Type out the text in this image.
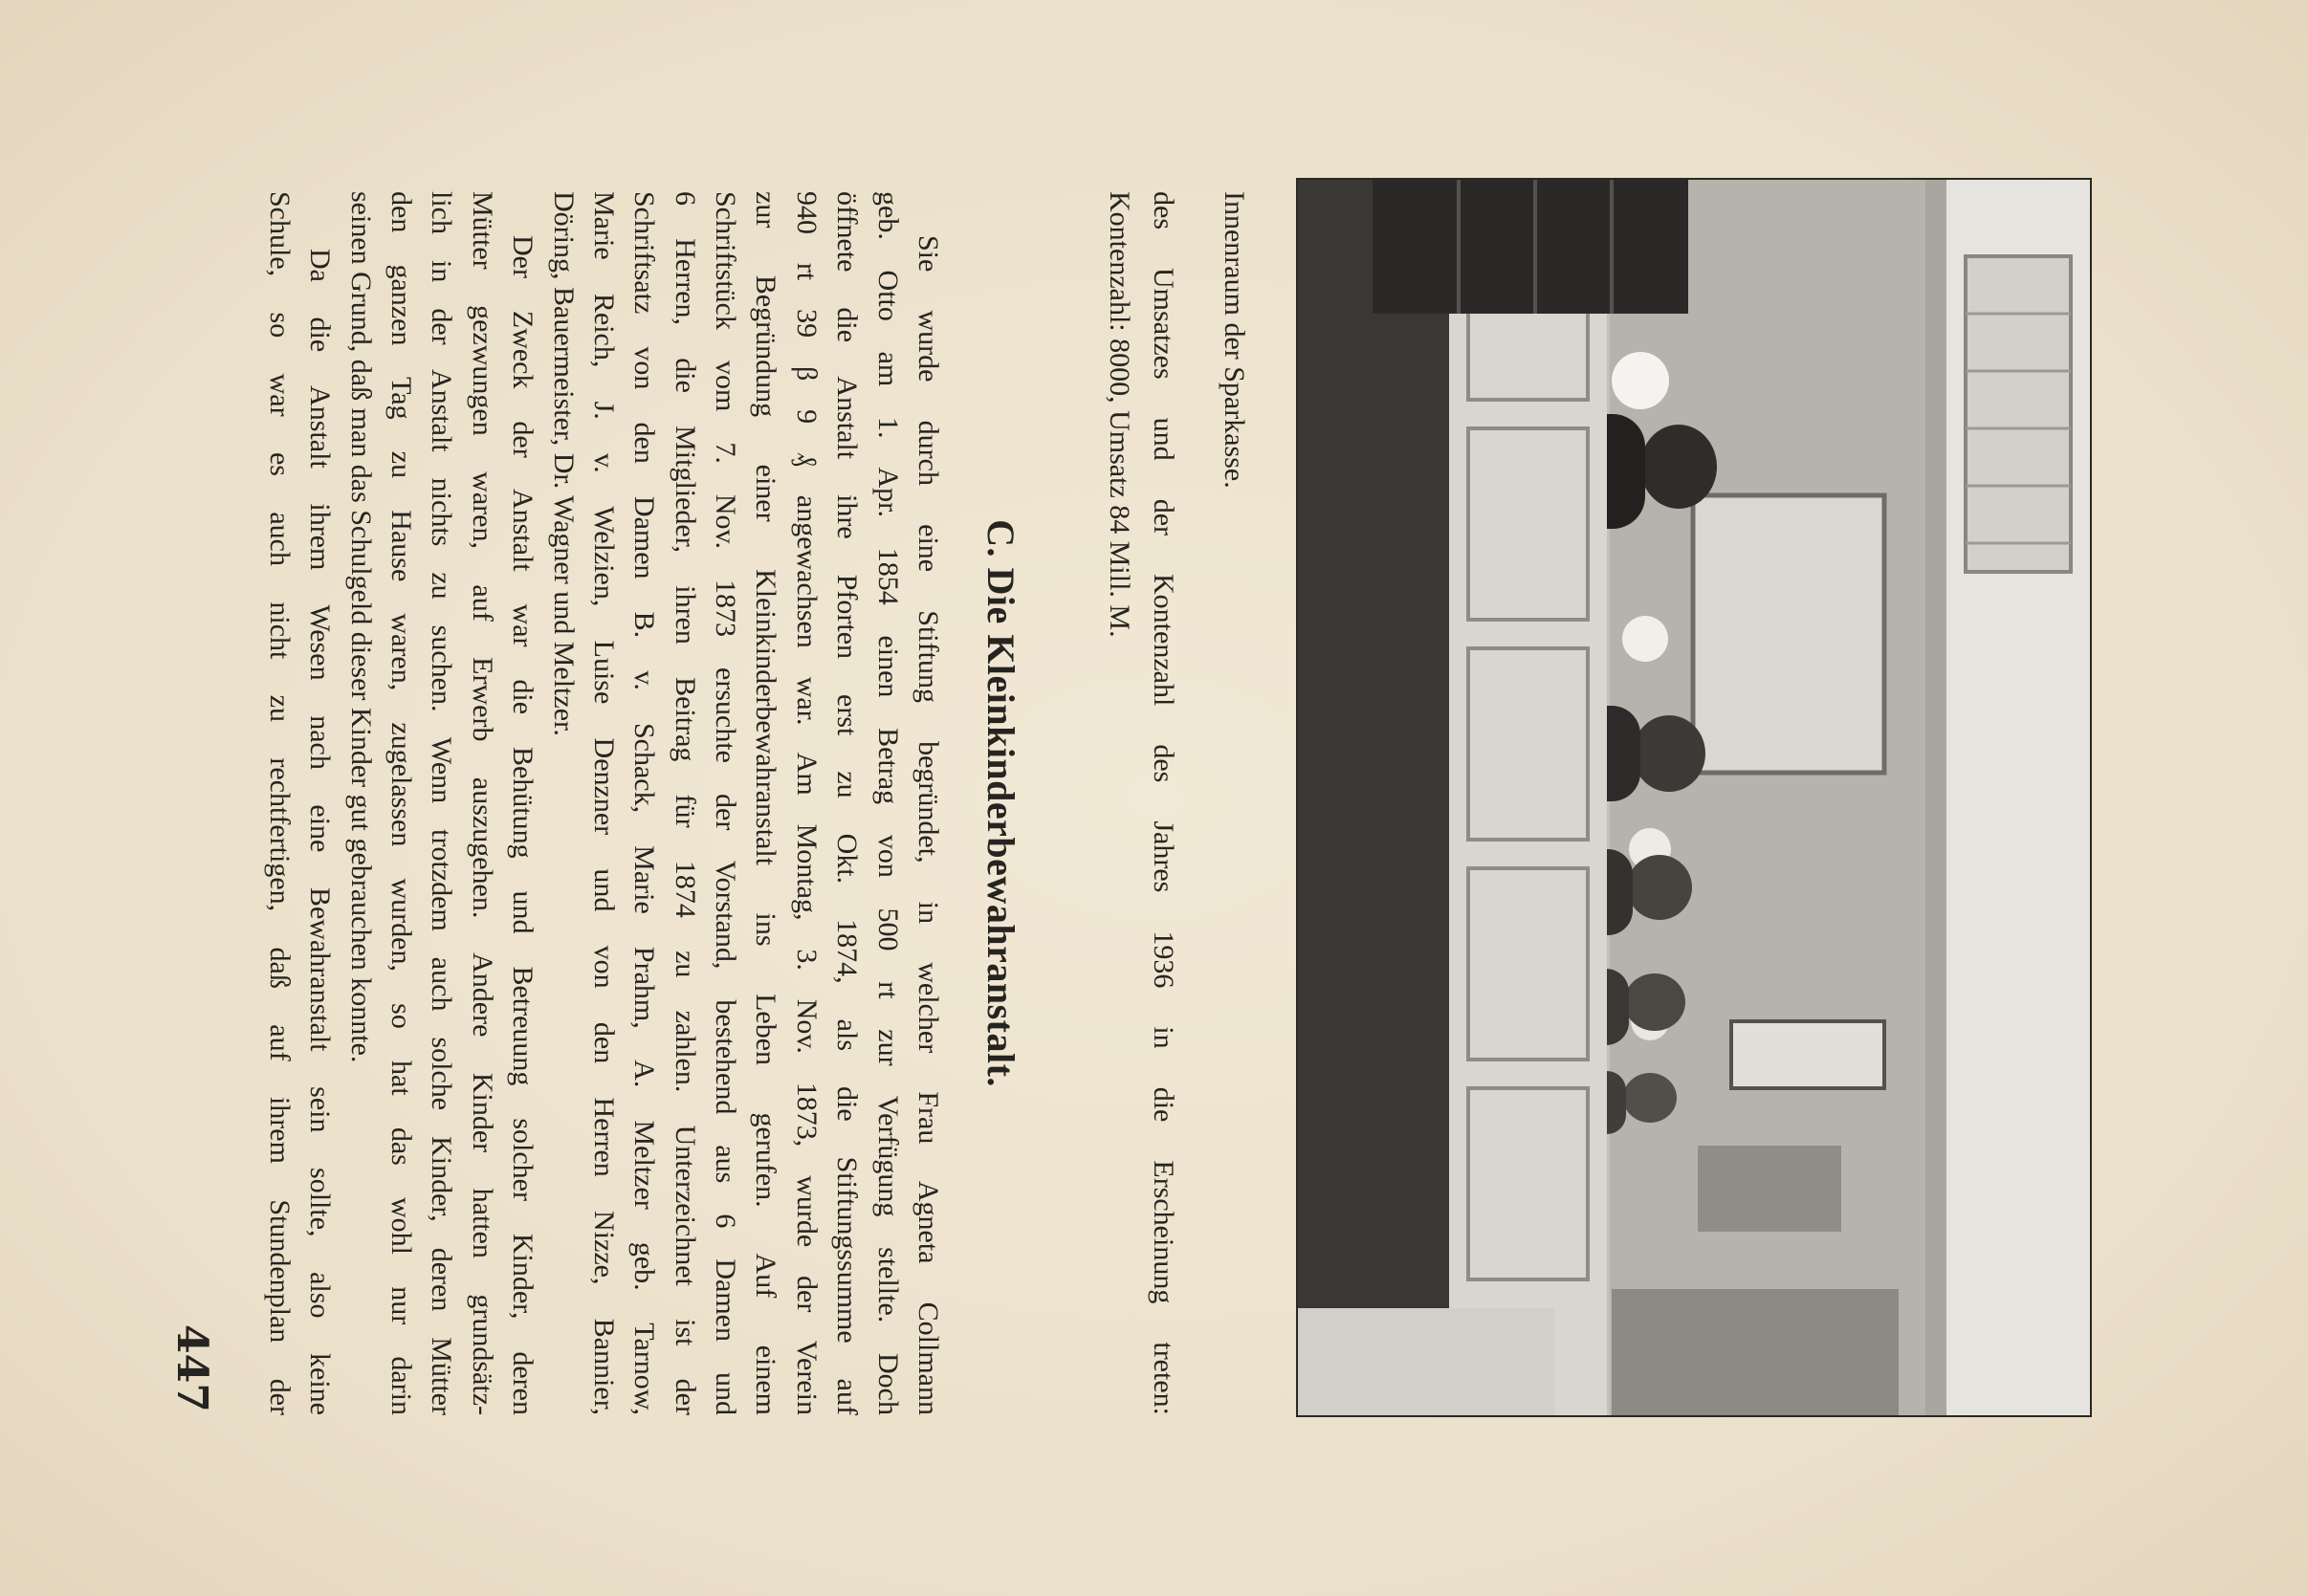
Innenraum der Sparkasse.
des Umsatzes und der Kontenzahl des Jahres 1936 in die Erscheinung treten:
Kontenzahl: 8000, Umsatz 84 Mill. M.
C. Die Kleinkinderbewahranstalt.
Sie wurde durch eine Stiftung begründet, in welcher Frau Agneta Collmann
geb. Otto am 1. Apr. 1854 einen Betrag von 500 rt zur Verfügung stellte. Doch
öffnete die Anstalt ihre Pforten erst zu Okt. 1874, als die Stiftungssumme auf
940 rt 39 β 9 ₰ angewachsen war. Am Montag, 3. Nov. 1873, wurde der Verein
zur Begründung einer Kleinkinderbewahranstalt ins Leben gerufen. Auf einem
Schriftstück vom 7. Nov. 1873 ersuchte der Vorstand, bestehend aus 6 Damen und
6 Herren, die Mitglieder, ihren Beitrag für 1874 zu zahlen. Unterzeichnet ist der
Schriftsatz von den Damen B. v. Schack, Marie Prahm, A. Meltzer geb. Tarnow,
Marie Reich, J. v. Welzien, Luise Denzner und von den Herren Nizze, Bannier,
Döring, Bauermeister, Dr. Wagner und Meltzer.
Der Zweck der Anstalt war die Behütung und Betreuung solcher Kinder, deren
Mütter gezwungen waren, auf Erwerb auszugehen. Andere Kinder hatten grundsätz-
lich in der Anstalt nichts zu suchen. Wenn trotzdem auch solche Kinder, deren Mütter
den ganzen Tag zu Hause waren, zugelassen wurden, so hat das wohl nur darin
seinen Grund, daß man das Schulgeld dieser Kinder gut gebrauchen konnte.
Da die Anstalt ihrem Wesen nach eine Bewahranstalt sein sollte, also keine
Schule, so war es auch nicht zu rechtfertigen, daß auf ihrem Stundenplan der
447
